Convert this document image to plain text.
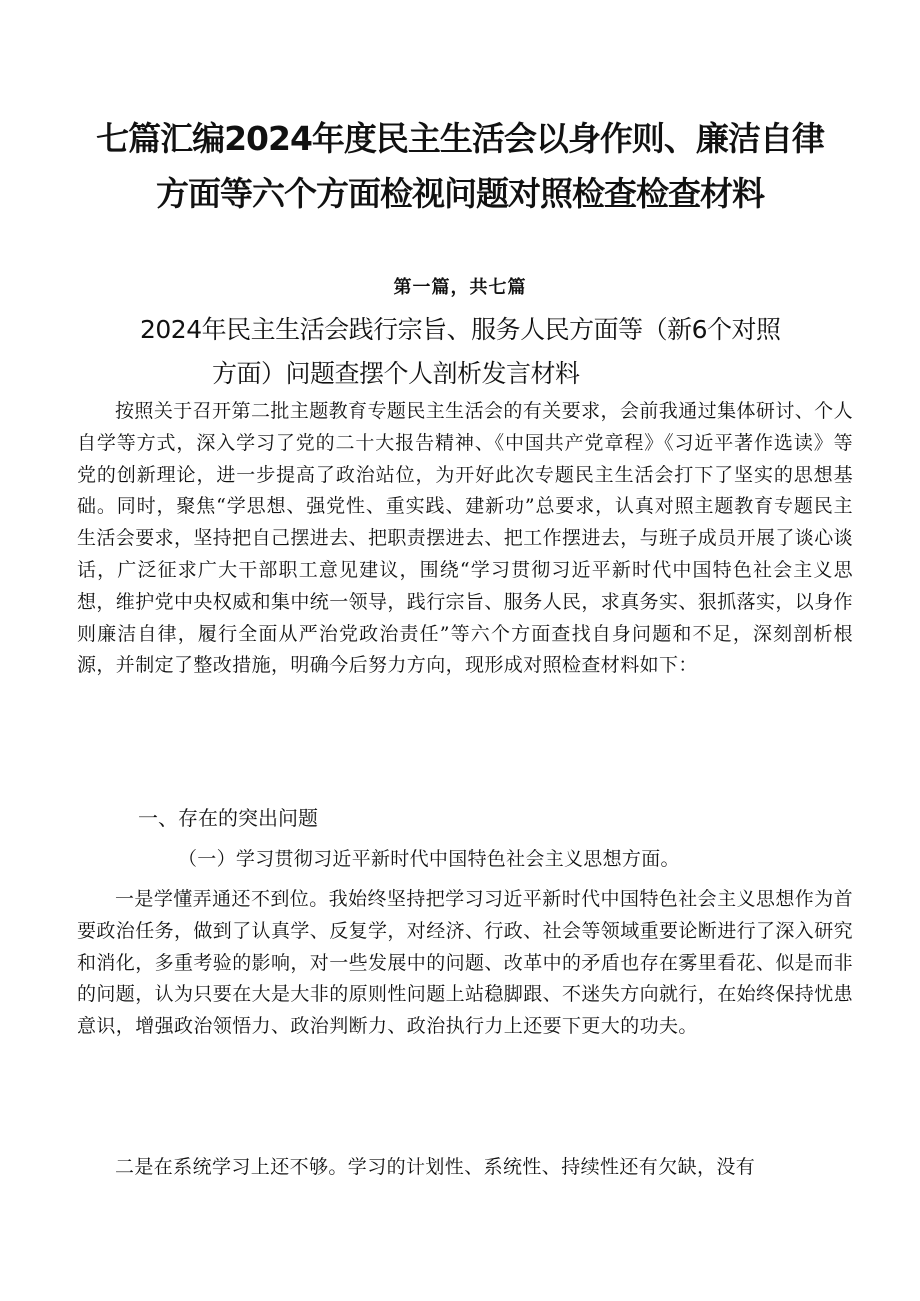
七篇汇编2024年度民主生活会以身作则、廉洁自律
方面等六个方面检视问题对照检查检查材料
第一篇，共七篇
2024年民主生活会践行宗旨、服务人民方面等（新6个对照
方面）问题查摆个人剖析发言材料
按照关于召开第二批主题教育专题民主生活会的有关要求，会前我通过集体研讨、个人自学等方式，深入学习了党的二十大报告精神、《中国共产党章程》《习近平著作选读》等党的创新理论，进一步提高了政治站位，为开好此次专题民主生活会打下了坚实的思想基础。同时，聚焦“学思想、强党性、重实践、建新功”总要求，认真对照主题教育专题民主生活会要求，坚持把自己摆进去、把职责摆进去、把工作摆进去，与班子成员开展了谈心谈话，广泛征求广大干部职工意见建议，围绕“学习贯彻习近平新时代中国特色社会主义思想，维护党中央权威和集中统一领导，践行宗旨、服务人民，求真务实、狠抓落实，以身作则廉洁自律，履行全面从严治党政治责任”等六个方面查找自身问题和不足，深刻剖析根源，并制定了整改措施，明确今后努力方向，现形成对照检查材料如下：
一、存在的突出问题
（一）学习贯彻习近平新时代中国特色社会主义思想方面。
一是学懂弄通还不到位。我始终坚持把学习习近平新时代中国特色社会主义思想作为首要政治任务，做到了认真学、反复学，对经济、行政、社会等领域重要论断进行了深入研究和消化，多重考验的影响，对一些发展中的问题、改革中的矛盾也存在雾里看花、似是而非的问题，认为只要在大是大非的原则性问题上站稳脚跟、不迷失方向就行，在始终保持忧患意识，增强政治领悟力、政治判断力、政治执行力上还要下更大的功夫。
二是在系统学习上还不够。学习的计划性、系统性、持续性还有欠缺，没有
